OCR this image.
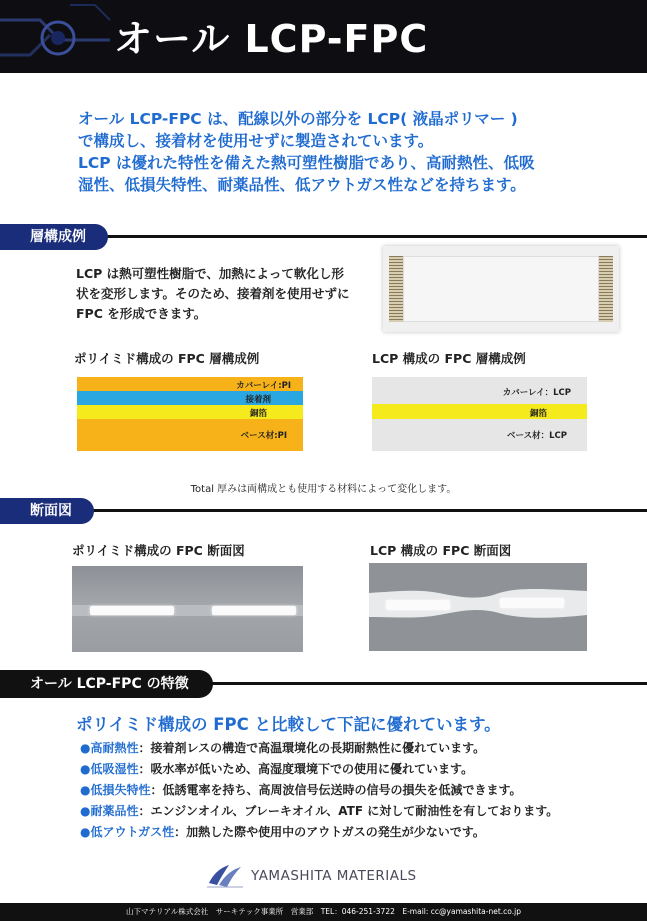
オール LCP-FPC

オール LCP-FPC は、配線以外の部分を LCP( 液晶ポリマー )

で構成し、接着材を使用せずに製造されています。

LCP は優れた特性を備えた熱可塑性樹脂であり、高耐熱性、低吸

湿性、低損失特性、耐薬品性、低アウトガス性などを持ちます。

層構成例

LCP は熱可塑性樹脂で、加熱によって軟化し形

状を変形します。そのため、接着剤を使用せずに

FPC を形成できます。

ポリイミド構成の FPC 層構成例	LCP 構成の FPC 層構成例
カバーレイ:PI
接着剤
銅箔
ベース材:PI
カバーレイ：LCP
銅箔
ベース材：LCP
Total 厚みは両構成とも使用する材料によって変化します。
断面図
ポリイミド構成の FPC 断面図	LCP 構成の FPC 断面図
オール LCP-FPC の特徴
ポリイミド構成の FPC と比較して下記に優れています。
●高耐熱性：接着剤レスの構造で高温環境化の長期耐熱性に優れています。
●低吸湿性：吸水率が低いため、高湿度環境下での使用に優れています。
●低損失特性：低誘電率を持ち、高周波信号伝送時の信号の損失を低減できます。
●耐薬品性：エンジンオイル、ブレーキオイル、ATF に対して耐油性を有しております。
●低アウトガス性：加熱した際や使用中のアウトガスの発生が少ないです。
YAMASHITA MATERIALS
山下マテリアル株式会社　サーキテック事業所　営業部　TEL：046-251-3722　E-mail: cc@yamashita-net.co.jp
